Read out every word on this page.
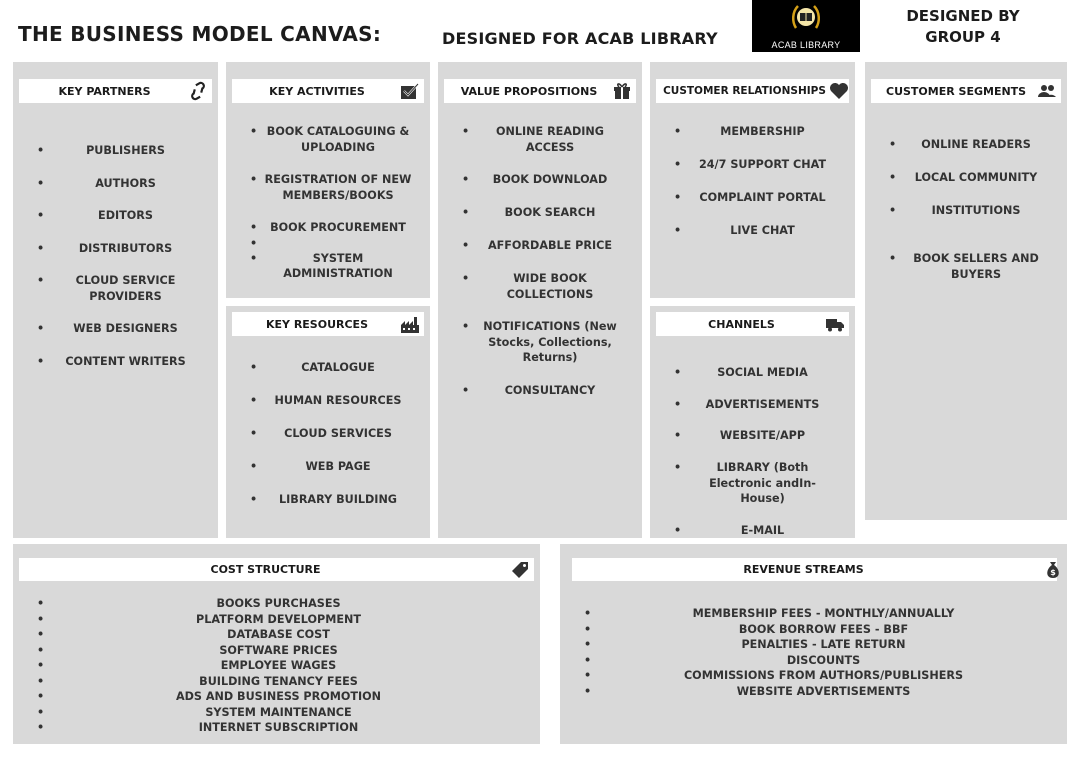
THE BUSINESS MODEL CANVAS:	DESIGNED FOR ACAB LIBRARY	ACAB LIBRARY
DESIGNED BY
GROUP 4
KEY PARTNERS
• PUBLISHERS
• AUTHORS
• EDITORS
• DISTRIBUTORS
• CLOUD SERVICE PROVIDERS
• WEB DESIGNERS
• CONTENT WRITERS
KEY ACTIVITIES
• BOOK CATALOGUING & UPLOADING
• REGISTRATION OF NEW MEMBERS/BOOKS
• BOOK PROCUREMENT
•
• SYSTEM ADMINISTRATION
KEY RESOURCES
• CATALOGUE
• HUMAN RESOURCES
• CLOUD SERVICES
• WEB PAGE
• LIBRARY BUILDING
VALUE PROPOSITIONS
• ONLINE READING ACCESS
• BOOK DOWNLOAD
• BOOK SEARCH
• AFFORDABLE PRICE
• WIDE BOOK COLLECTIONS
• NOTIFICATIONS (New Stocks, Collections, Returns)
• CONSULTANCY
CUSTOMER RELATIONSHIPS
• MEMBERSHIP
• 24/7 SUPPORT CHAT
• COMPLAINT PORTAL
• LIVE CHAT
CHANNELS
• SOCIAL MEDIA
• ADVERTISEMENTS
• WEBSITE/APP
• LIBRARY (Both Electronic andIn-House)
• E-MAIL
CUSTOMER SEGMENTS
• ONLINE READERS
• LOCAL COMMUNITY
• INSTITUTIONS
• BOOK SELLERS AND BUYERS
COST STRUCTURE
• BOOKS PURCHASES
• PLATFORM DEVELOPMENT
• DATABASE COST
• SOFTWARE PRICES
• EMPLOYEE WAGES
• BUILDING TENANCY FEES
• ADS AND BUSINESS PROMOTION
• SYSTEM MAINTENANCE
• INTERNET SUBSCRIPTION
REVENUE STREAMS	$
• MEMBERSHIP FEES - MONTHLY/ANNUALLY
• BOOK BORROW FEES - BBF
• PENALTIES - LATE RETURN
• DISCOUNTS
• COMMISSIONS FROM AUTHORS/PUBLISHERS
• WEBSITE ADVERTISEMENTS
